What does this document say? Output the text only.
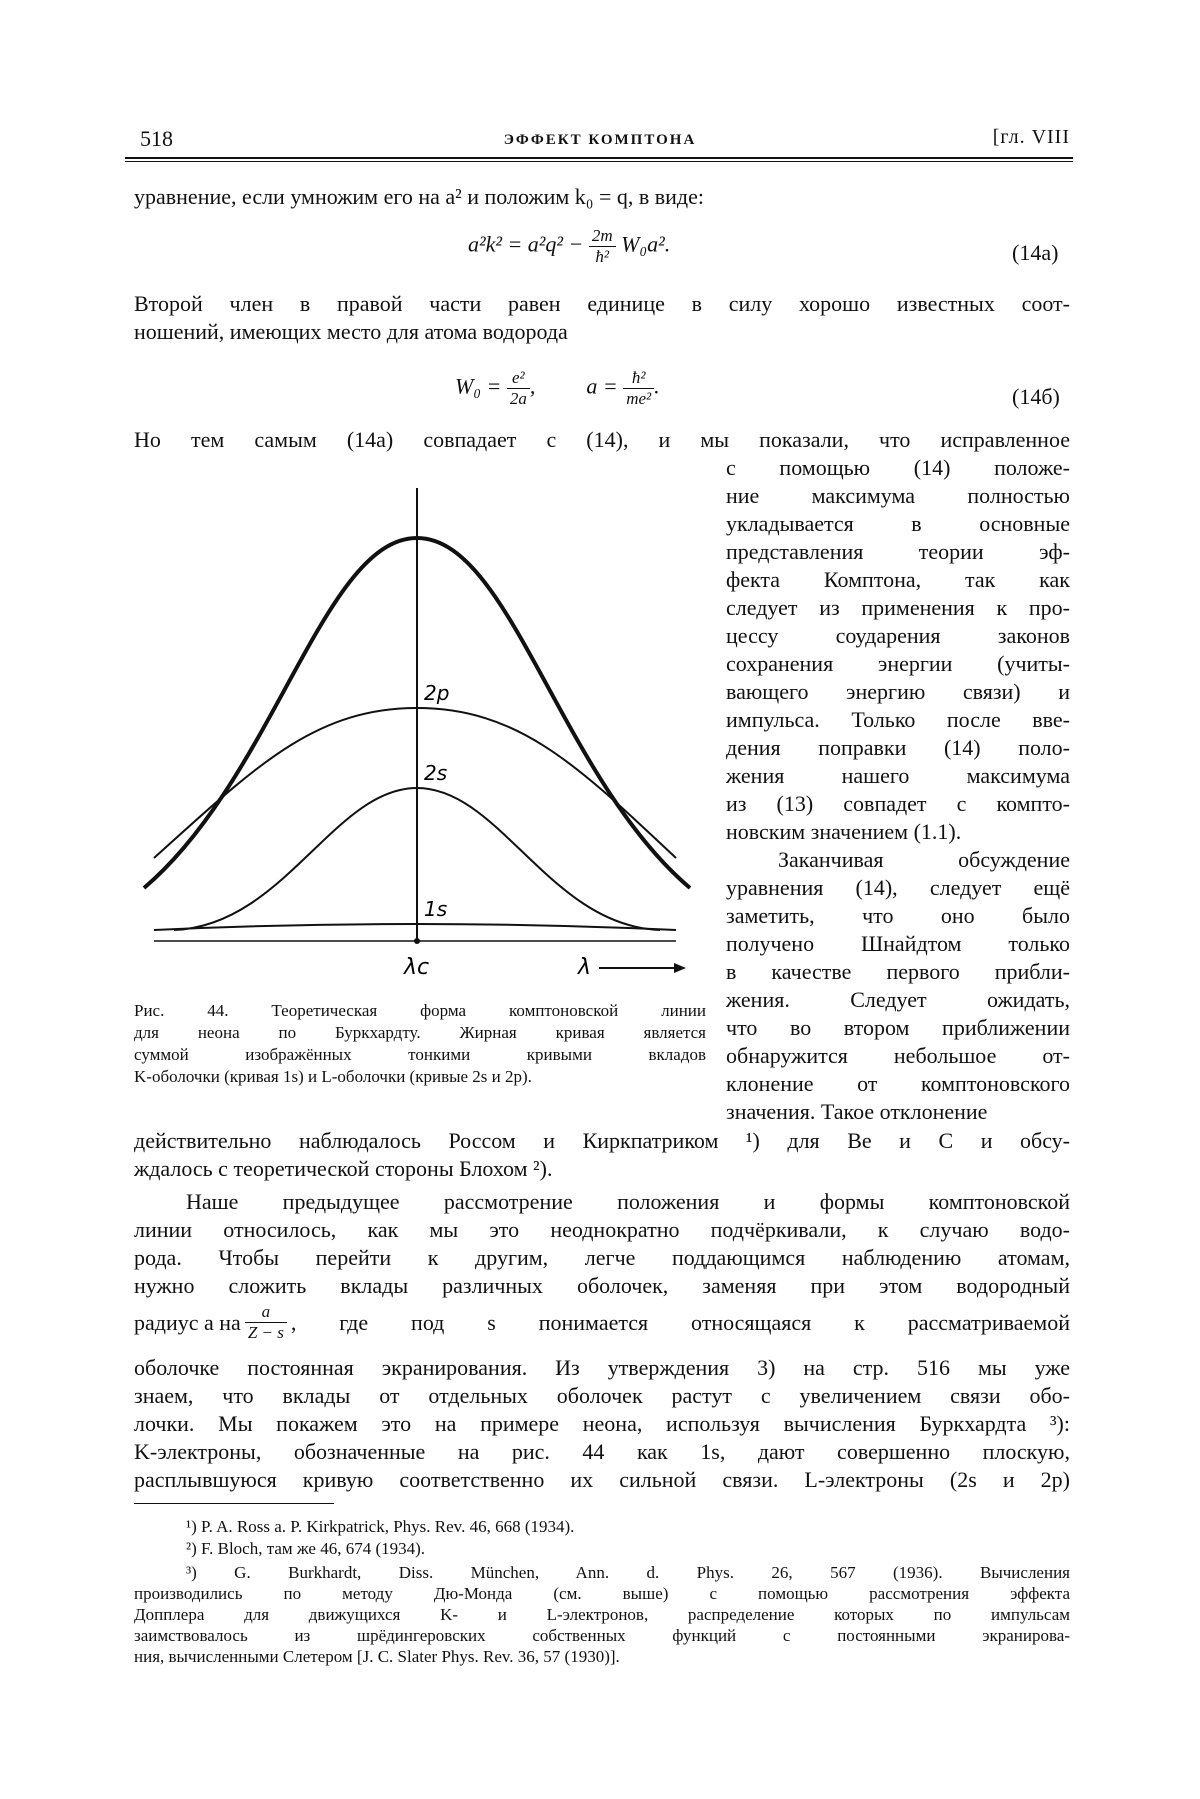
518	ЭФФЕКТ КОМПТОНА	[гл. VIII
уравнение, если умножим его на a² и положим k₀ = q, в виде:
$a^2k^2 = a^2q^2 - \frac{2m}{\text{ħ²}} W_0a^2$.	(14а)
Второй член в правой части равен единице в силу хорошо известных соот-
ношений, имеющих место для атома водорода
$W_0 = \frac{\text{e²}}{2a}$ ,  $a = \frac{\text{ħ²}}{\text{me²}}$ .	(14б)
Но тем самым (14а) совпадает с (14), и мы показали, что исправленное
с помощью (14) положе-
ние максимума полностью
укладывается в основные
представления теории эф-
фекта Комптона, так как
следует из применения к про-
цессу соударения законов
сохранения энергии (учиты-
вающего энергию связи) и
импульса. Только после вве-
дения поправки (14) поло-
жения нашего максимума
из (13) совпадет с компто-
новским значением (1.1).
Заканчивая обсуждение
уравнения (14), следует ещё
заметить, что оно было
получено Шнайдтом только
в качестве первого прибли-
жения. Следует ожидать,
что во втором приближении
обнаружится небольшое от-
клонение от комптоновского
значения. Такое отклонение
2p
2s
1s
λc	λ
Рис. 44. Теоретическая форма комптоновской линии
для неона по Буркхардту. Жирная кривая является
суммой изображённых тонкими кривыми вкладов
K-оболочки (кривая 1s) и L-оболочки (кривые 2s и 2p).
действительно наблюдалось Россом и Киркпатриком ¹) для Be и C и обсу-
ждалось с теоретической стороны Блохом ²).
Наше предыдущее рассмотрение положения и формы комптоновской
линии относилось, как мы это неоднократно подчёркивали, к случаю водо-
рода. Чтобы перейти к другим, легче поддающимся наблюдению атомам,
нужно сложить вклады различных оболочек, заменяя при этом водородный
радиус a на $\frac{a}{Z - s}$ , где под s понимается относящаяся к рассматриваемой
оболочке постоянная экранирования. Из утверждения 3) на стр. 516 мы уже
знаем, что вклады от отдельных оболочек растут с увеличением связи обо-
лочки. Мы покажем это на примере неона, используя вычисления Буркхардта ³):
K-электроны, обозначенные на рис. 44 как 1s, дают совершенно плоскую,
расплывшуюся кривую соответственно их сильной связи. L-электроны (2s и 2p)
¹) P. A. Ross a. P. Kirkpatrick, Phys. Rev. 46, 668 (1934).
²) F. Bloch, там же 46, 674 (1934).
³) G. Burkhardt, Diss. München, Ann. d. Phys. 26, 567 (1936). Вычисления
производились по методу Дю-Монда (см. выше) с помощью рассмотрения эффекта
Допплера для движущихся K- и L-электронов, распределение которых по импульсам
заимствовалось из шрёдингеровских собственных функций с постоянными экранирова-
ния, вычисленными Слетером [J. C. Slater Phys. Rev. 36, 57 (1930)].
